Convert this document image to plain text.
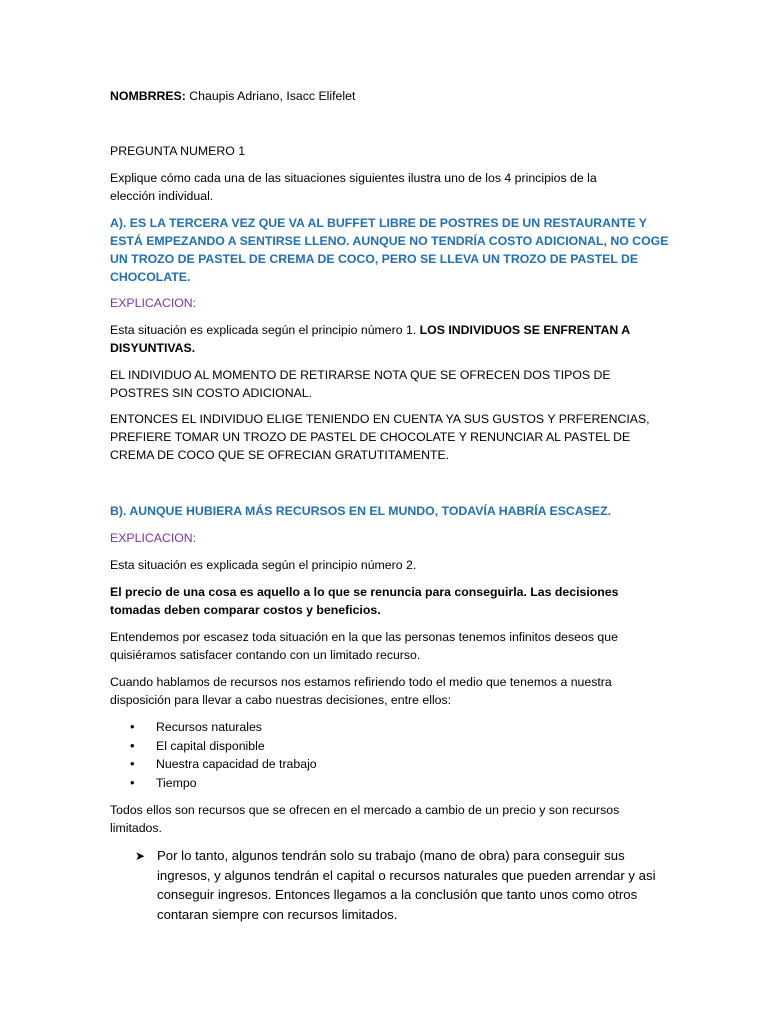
NOMBRRES: Chaupis Adriano, Isacc Elifelet

PREGUNTA NUMERO 1

Explique cómo cada una de las situaciones siguientes ilustra uno de los 4 principios de la elección individual.

A). ES LA TERCERA VEZ QUE VA AL BUFFET LIBRE DE POSTRES DE UN RESTAURANTE Y ESTÁ EMPEZANDO A SENTIRSE LLENO. AUNQUE NO TENDRÍA COSTO ADICIONAL, NO COGE UN TROZO DE PASTEL DE CREMA DE COCO, PERO SE LLEVA UN TROZO DE PASTEL DE CHOCOLATE.

EXPLICACION:

Esta situación es explicada según el principio número 1. LOS INDIVIDUOS SE ENFRENTAN A DISYUNTIVAS.

EL INDIVIDUO AL MOMENTO DE RETIRARSE NOTA QUE SE OFRECEN DOS TIPOS DE POSTRES SIN COSTO ADICIONAL.

ENTONCES EL INDIVIDUO ELIGE TENIENDO EN CUENTA YA SUS GUSTOS Y PRFERENCIAS, PREFIERE TOMAR UN TROZO DE PASTEL DE CHOCOLATE Y RENUNCIAR AL PASTEL DE CREMA DE COCO QUE SE OFRECIAN GRATUTITAMENTE.

B). AUNQUE HUBIERA MÁS RECURSOS EN EL MUNDO, TODAVÍA HABRÍA ESCASEZ.

EXPLICACION:

Esta situación es explicada según el principio número 2.

El precio de una cosa es aquello a lo que se renuncia para conseguirla. Las decisiones tomadas deben comparar costos y beneficios.

Entendemos por escasez toda situación en la que las personas tenemos infinitos deseos que quisiéramos satisfacer contando con un limitado recurso.

Cuando hablamos de recursos nos estamos refiriendo todo el medio que tenemos a nuestra disposición para llevar a cabo nuestras decisiones, entre ellos:

• Recursos naturales
• El capital disponible
• Nuestra capacidad de trabajo
• Tiempo

Todos ellos son recursos que se ofrecen en el mercado a cambio de un precio y son recursos limitados.

➤ Por lo tanto, algunos tendrán solo su trabajo (mano de obra) para conseguir sus ingresos, y algunos tendrán el capital o recursos naturales que pueden arrendar y asi conseguir ingresos. Entonces llegamos a la conclusión que tanto unos como otros contaran siempre con recursos limitados.
